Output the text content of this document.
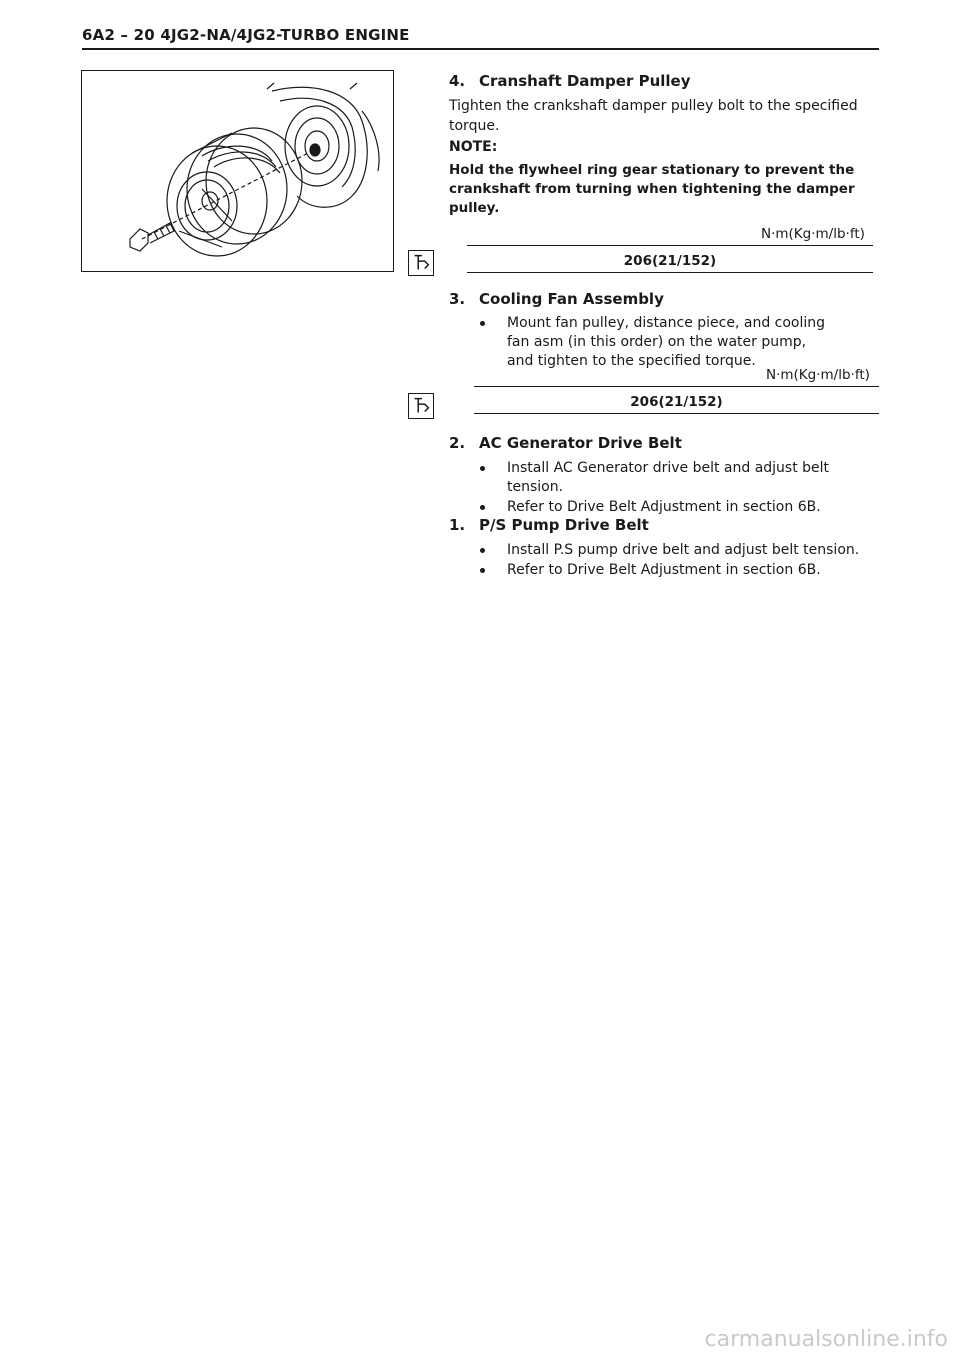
6A2 – 20 4JG2-NA/4JG2-TURBO ENGINE
4. Cranshaft Damper Pulley
Tighten the crankshaft damper pulley bolt to the specified torque.
NOTE:
Hold the flywheel ring gear stationary to prevent the crankshaft from turning when tightening the damper pulley.
N·m(Kg·m/lb·ft)
206(21/152)
3. Cooling Fan Assembly
Mount fan pulley, distance piece, and cooling fan asm (in this order) on the water pump, and tighten to the specified torque.
N·m(Kg·m/lb·ft)
206(21/152)
2. AC Generator Drive Belt
Install AC Generator drive belt and adjust belt tension.
Refer to Drive Belt Adjustment in section 6B.
1. P/S Pump Drive Belt
Install P.S pump drive belt and adjust belt tension.
Refer to Drive Belt Adjustment in section 6B.
carmanualsonline.info
